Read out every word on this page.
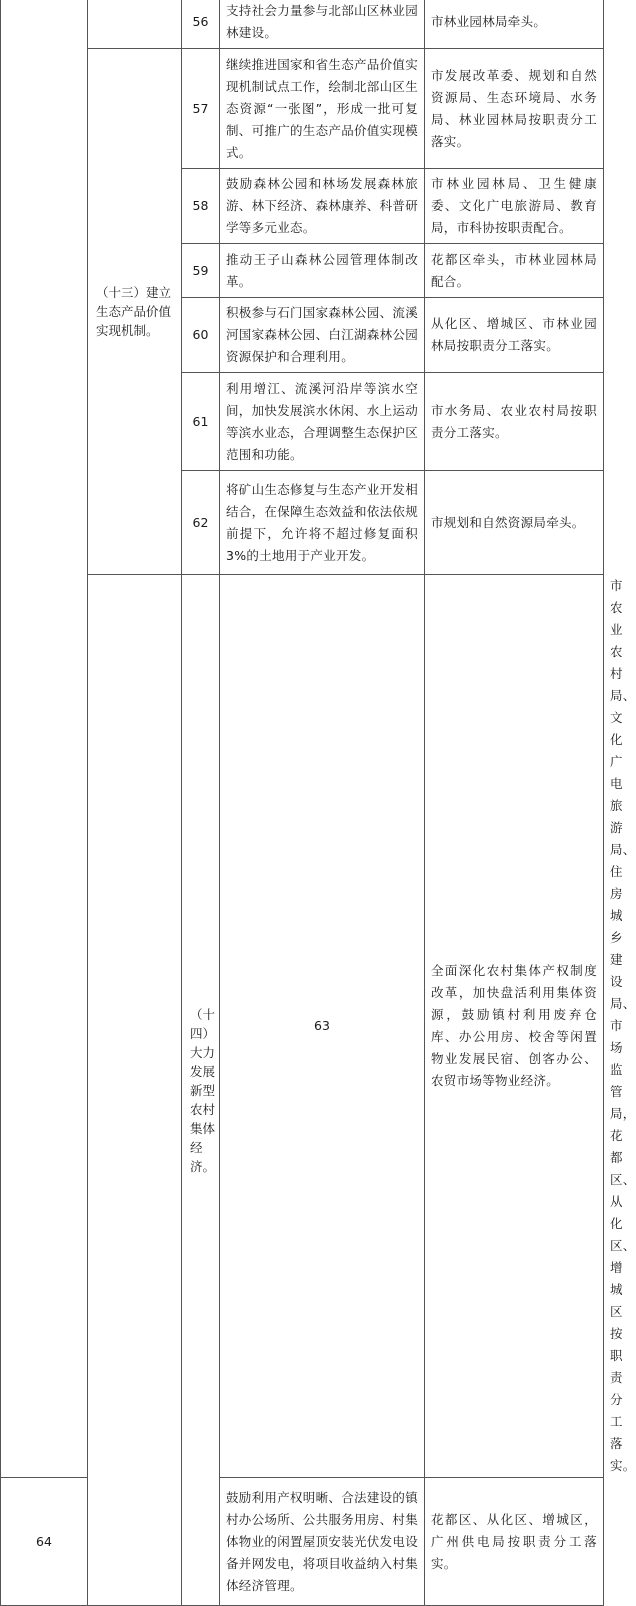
		56	支持社会力量参与北部山区林业园林建设。	市林业园林局牵头。	
	（十三）建立生态产品价值实现机制。	57	继续推进国家和省生态产品价值实现机制试点工作，绘制北部山区生态资源“一张图”，形成一批可复制、可推广的生态产品价值实现模式。	市发展改革委、规划和自然资源局、生态环境局、水务局、林业园林局按职责分工落实。	
		58	鼓励森林公园和林场发展森林旅游、林下经济、森林康养、科普研学等多元业态。	市林业园林局、卫生健康委、文化广电旅游局、教育局，市科协按职责配合。	
		59	推动王子山森林公园管理体制改革。	花都区牵头，市林业园林局配合。	
		60	积极参与石门国家森林公园、流溪河国家森林公园、白江湖森林公园资源保护和合理利用。	从化区、增城区、市林业园林局按职责分工落实。	
		61	利用增江、流溪河沿岸等滨水空间，加快发展滨水休闲、水上运动等滨水业态，合理调整生态保护区范围和功能。	市水务局、农业农村局按职责分工落实。	
		62	将矿山生态修复与生态产业开发相结合，在保障生态效益和依法依规前提下，允许将不超过修复面积3%的土地用于产业开发。	市规划和自然资源局牵头。	
		（十四）大力发展新型农村集体经济。	63	全面深化农村集体产权制度改革，加快盘活利用集体资源，鼓励镇村利用废弃仓库、办公用房、校舍等闲置物业发展民宿、创客办公、农贸市场等物业经济。	市农业农村局、文化广电旅游局、住房城乡建设局、市场监管局，花都区、从化区、增城区按职责分工落实。
64			鼓励利用产权明晰、合法建设的镇村办公场所、公共服务用房、村集体物业的闲置屋顶安装光伏发电设备并网发电，将项目收益纳入村集体经济管理。	花都区、从化区、增城区，广州供电局按职责分工落实。	
